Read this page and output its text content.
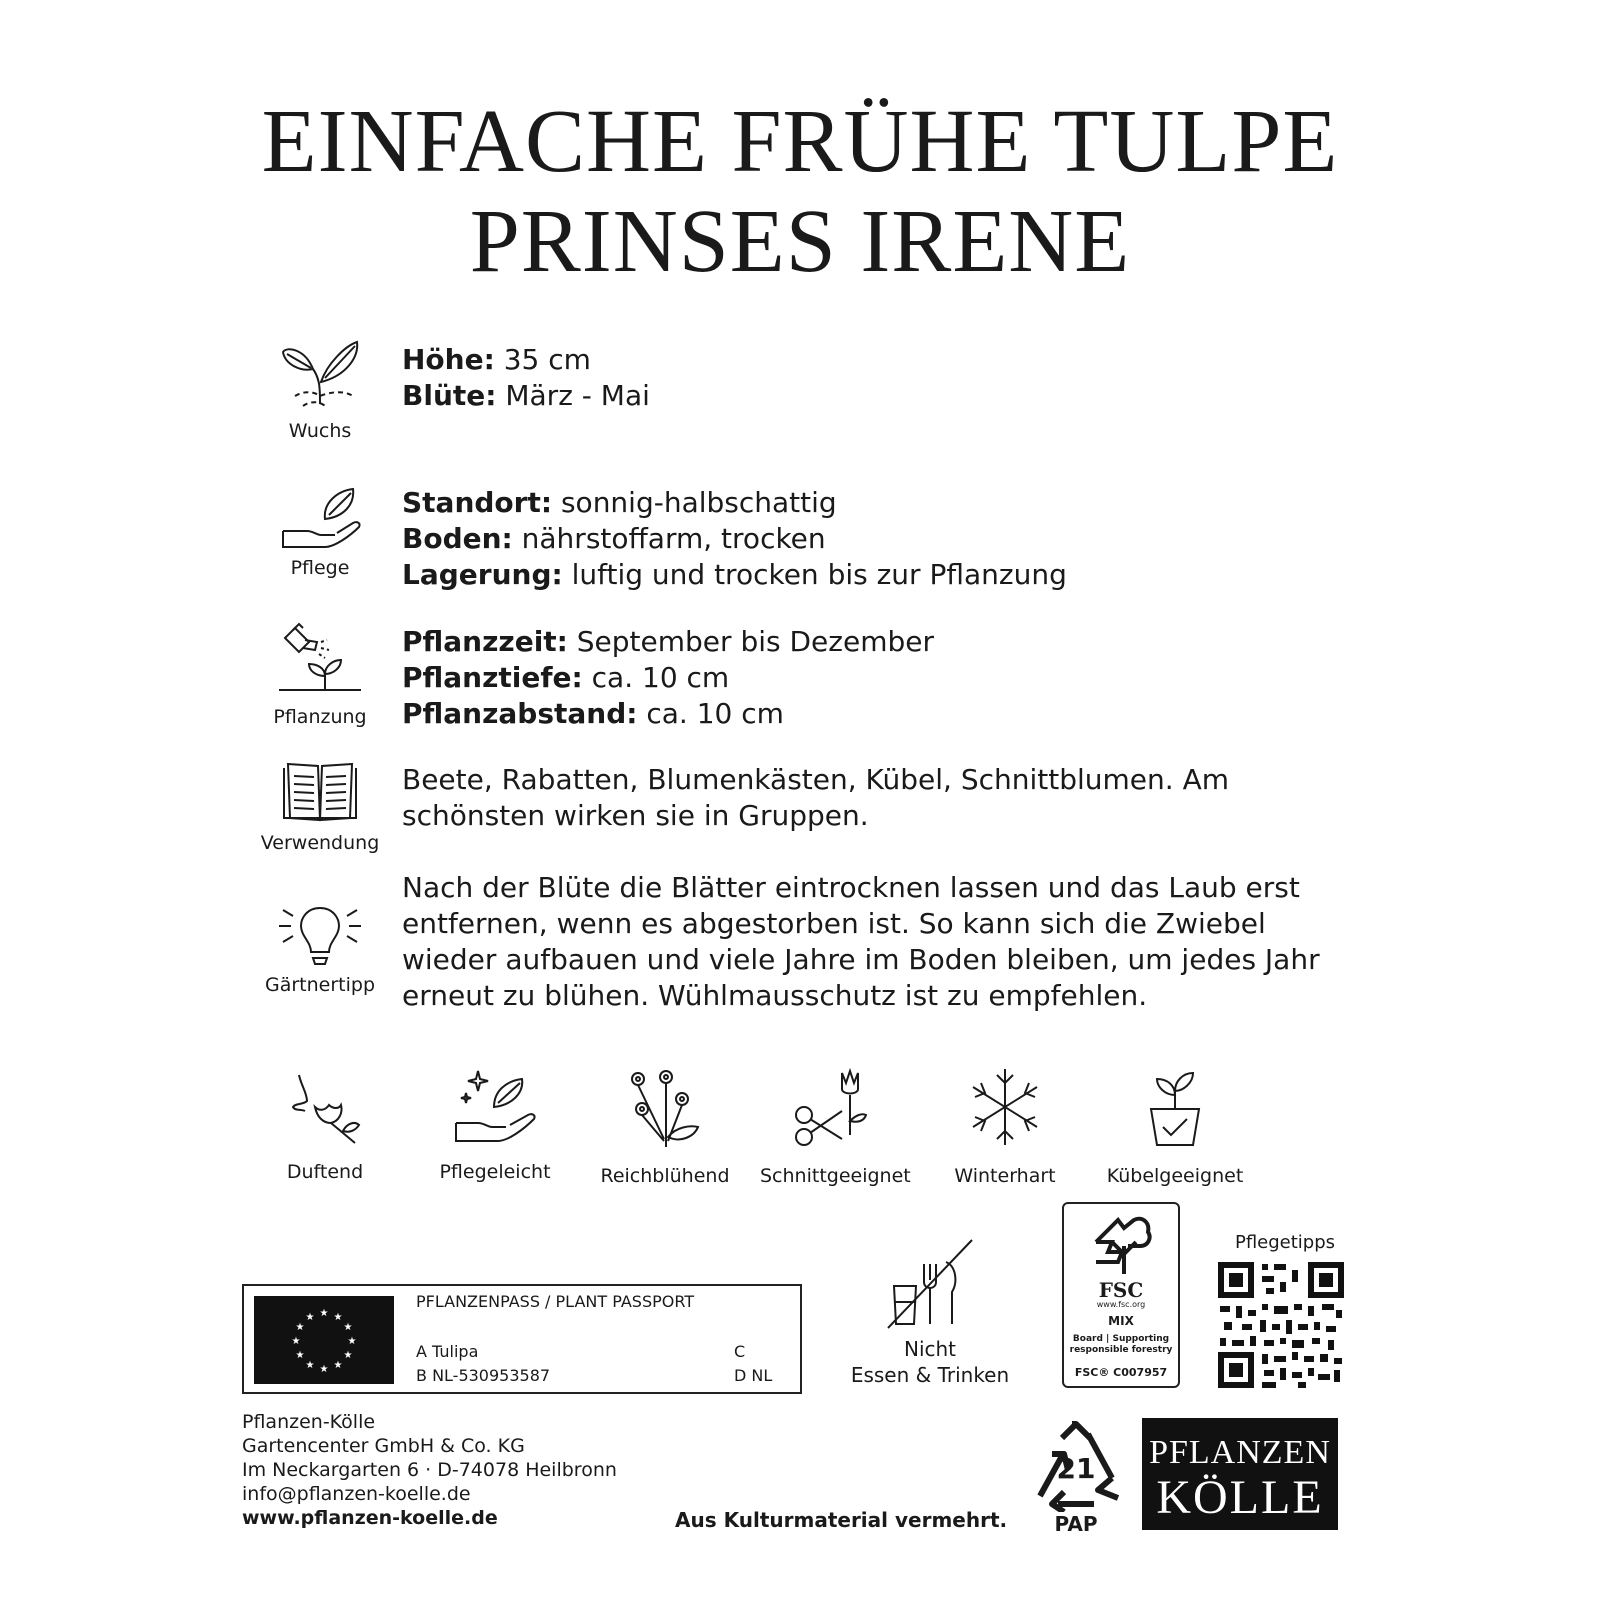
EINFACHE FRÜHE TULPE
PRINSES IRENE
Wuchs
Höhe: 35 cm
Blüte: März - Mai
Pflege
Standort: sonnig-halbschattig
Boden: nährstoffarm, trocken
Lagerung: luftig und trocken bis zur Pflanzung
Pflanzung
Pflanzzeit: September bis Dezember
Pflanztiefe: ca. 10 cm
Pflanzabstand: ca. 10 cm
Verwendung
Beete, Rabatten, Blumenkästen, Kübel, Schnittblumen. Am
schönsten wirken sie in Gruppen.
Gärtnertipp
Nach der Blüte die Blätter eintrocknen lassen und das Laub erst
entfernen, wenn es abgestorben ist. So kann sich die Zwiebel
wieder aufbauen und viele Jahre im Boden bleiben, um jedes Jahr
erneut zu blühen. Wühlmausschutz ist zu empfehlen.
Duftend	Pflegeleicht	Reichblühend	Schnittgeeignet	Winterhart	Kübelgeeignet
★ ★
★
★
★
★
★
★
★
★
★
★
PFLANZENPASS / PLANT PASSPORT
A Tulipa
B NL-530953587
C
D NL
Nicht
Essen & Trinken
FSC
www.fsc.org
MIX
Board | Supporting
responsible forestry
FSC® C007957
Pflegetipps
Pflanzen-Kölle
Gartencenter GmbH & Co. KG
Im Neckargarten 6 · D-74078 Heilbronn
info@pflanzen-koelle.de
www.pflanzen-koelle.de	Aus Kulturmaterial vermehrt.
21
PAP
PFLANZEN
KÖLLE
